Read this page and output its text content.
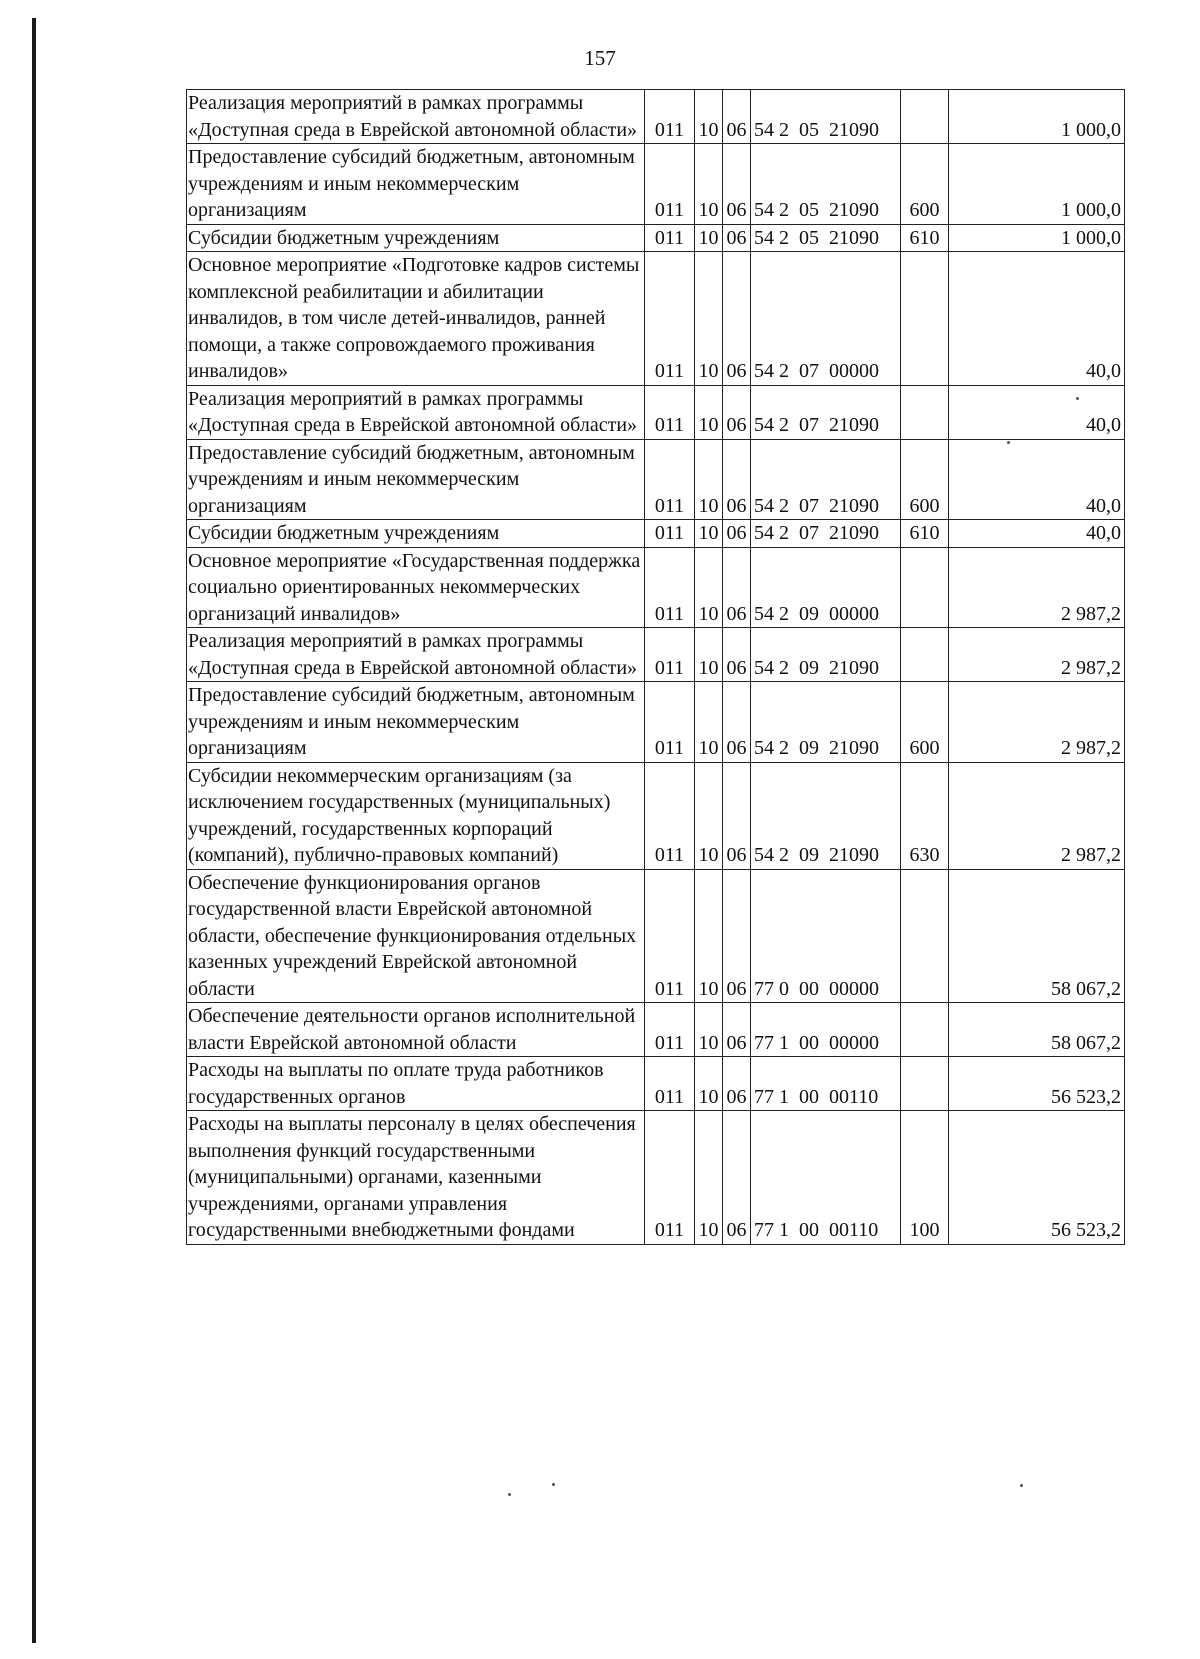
157
Реализация мероприятий в рамках программы «Доступная среда в Еврейской автономной области»	011	10	06	54 2  05  21090		1 000,0
Предоставление субсидий бюджетным, автономным учреждениям и иным некоммерческим организациям	011	10	06	54 2  05  21090	600	1 000,0
Субсидии бюджетным учреждениям	011	10	06	54 2  05  21090	610	1 000,0
Основное мероприятие «Подготовке кадров системы комплексной реабилитации и абилитации инвалидов, в том числе детей-инвалидов, ранней помощи, а также сопровождаемого проживания инвалидов»	011	10	06	54 2  07  00000		40,0
Реализация мероприятий в рамках программы «Доступная среда в Еврейской автономной области»	011	10	06	54 2  07  21090		40,0
Предоставление субсидий бюджетным, автономным учреждениям и иным некоммерческим организациям	011	10	06	54 2  07  21090	600	40,0
Субсидии бюджетным учреждениям	011	10	06	54 2  07  21090	610	40,0
Основное мероприятие «Государственная поддержка социально ориентированных некоммерческих организаций инвалидов»	011	10	06	54 2  09  00000		2 987,2
Реализация мероприятий в рамках программы «Доступная среда в Еврейской автономной области»	011	10	06	54 2  09  21090		2 987,2
Предоставление субсидий бюджетным, автономным учреждениям и иным некоммерческим организациям	011	10	06	54 2  09  21090	600	2 987,2
Субсидии некоммерческим организациям (за исключением государственных (муниципальных) учреждений, государственных корпораций (компаний), публично-правовых компаний)	011	10	06	54 2  09  21090	630	2 987,2
Обеспечение функционирования органов государственной власти Еврейской автономной области, обеспечение функционирования отдельных казенных учреждений Еврейской автономной области	011	10	06	77 0  00  00000		58 067,2
Обеспечение деятельности органов исполнительной власти Еврейской автономной области	011	10	06	77 1  00  00000		58 067,2
Расходы на выплаты по оплате труда работников государственных органов	011	10	06	77 1  00  00110		56 523,2
Расходы на выплаты персоналу в целях обеспечения выполнения функций государственными (муниципальными) органами, казенными учреждениями, органами управления государственными внебюджетными фондами	011	10	06	77 1  00  00110	100	56 523,2
